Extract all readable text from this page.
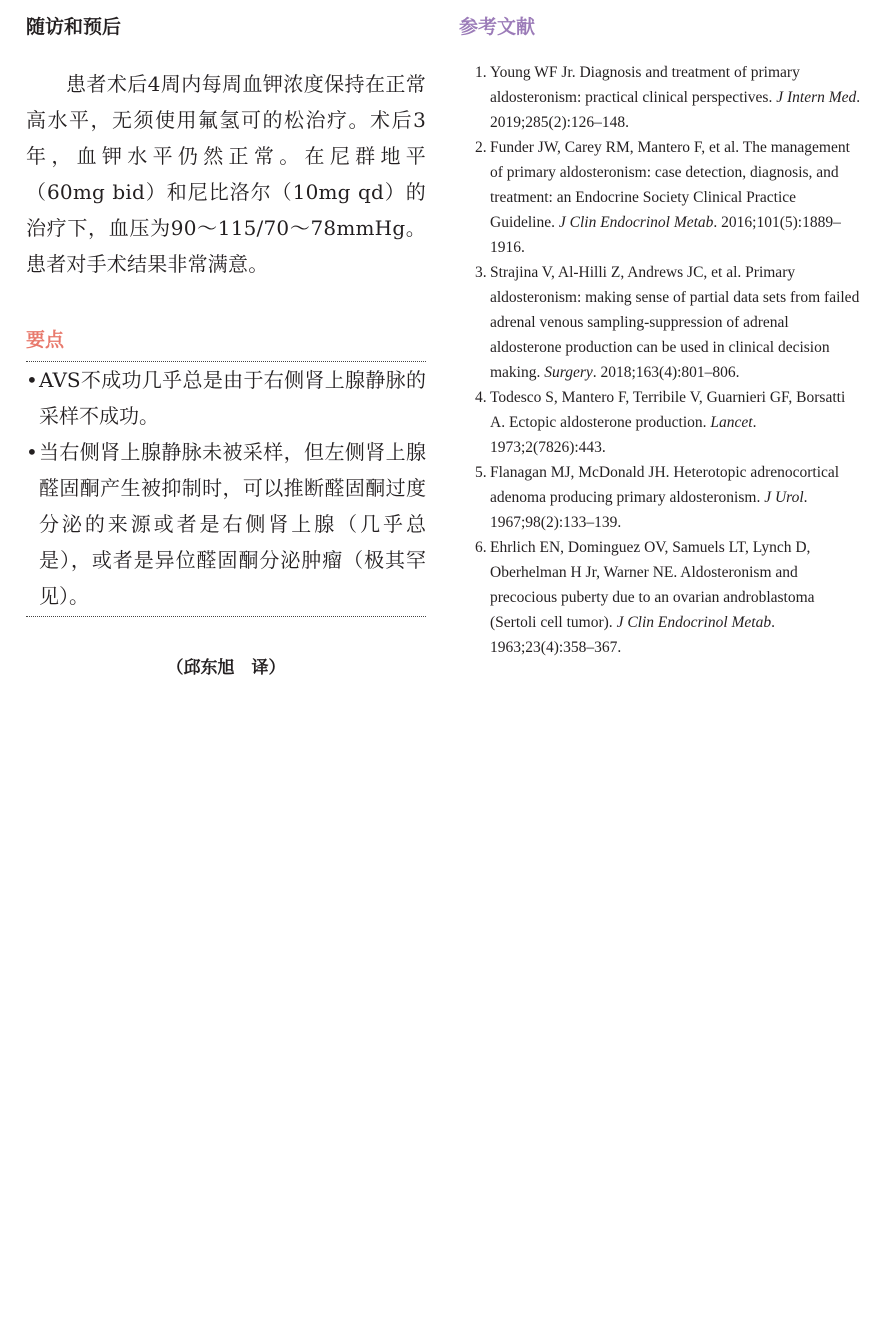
随访和预后

患者术后4周内每周血钾浓度保持在正常高水平，无须使用氟氢可的松治疗。术后3年，血钾水平仍然正常。在尼群地平（60mg bid）和尼比洛尔（10mg qd）的治疗下，血压为90～115/70～78mmHg。患者对手术结果非常满意。

要点
• AVS不成功几乎总是由于右侧肾上腺静脉的采样不成功。
• 当右侧肾上腺静脉未被采样，但左侧肾上腺醛固酮产生被抑制时，可以推断醛固酮过度分泌的来源或者是右侧肾上腺（几乎总是），或者是异位醛固酮分泌肿瘤（极其罕见）。
（邱东旭　译）
参考文献
1. Young WF Jr. Diagnosis and treatment of primary aldosteronism: practical clinical perspectives. J Intern Med. 2019;285(2):126–148.
2. Funder JW, Carey RM, Mantero F, et al. The management of primary aldosteronism: case detection, diagnosis, and treatment: an Endocrine Society Clinical Practice Guideline. J Clin Endocrinol Metab. 2016;101(5):1889–1916.
3. Strajina V, Al-Hilli Z, Andrews JC, et al. Primary aldosteronism: making sense of partial data sets from failed adrenal venous sampling-suppression of adrenal aldosterone production can be used in clinical decision making. Surgery. 2018;163(4):801–806.
4. Todesco S, Mantero F, Terribile V, Guarnieri GF, Borsatti A. Ectopic aldosterone production. Lancet. 1973;2(7826):443.
5. Flanagan MJ, McDonald JH. Heterotopic adrenocortical adenoma producing primary aldosteronism. J Urol. 1967;98(2):133–139.
6. Ehrlich EN, Dominguez OV, Samuels LT, Lynch D, Oberhelman H Jr, Warner NE. Aldosteronism and precocious puberty due to an ovarian androblastoma (Sertoli cell tumor). J Clin Endocrinol Metab. 1963;23(4):358–367.
